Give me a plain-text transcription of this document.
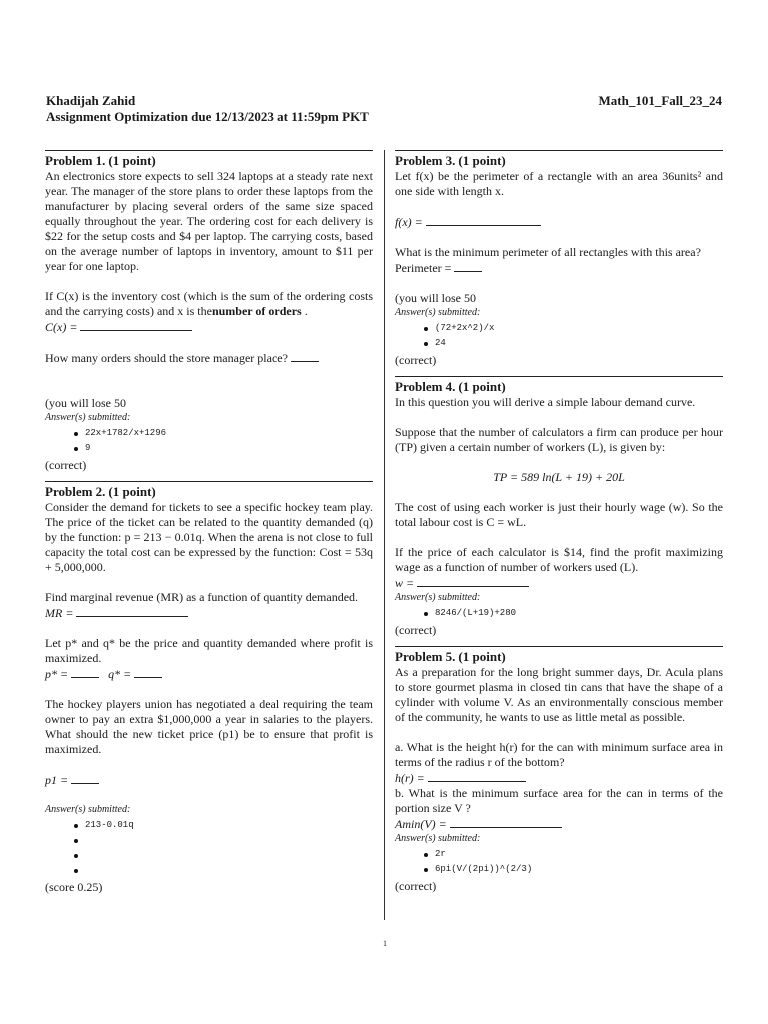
Khadijah Zahid
Assignment Optimization due 12/13/2023 at 11:59pm PKT
Math_101_Fall_23_24
Problem 1. (1 point)

An electronics store expects to sell 324 laptops at a steady rate next year. The manager of the store plans to order these laptops from the manufacturer by placing several orders of the same size spaced equally throughout the year. The ordering cost for each delivery is $22 for the setup costs and $4 per laptop. The carrying costs, based on the average number of laptops in inventory, amount to $11 per year for one laptop.

If C(x) is the inventory cost (which is the sum of the ordering costs and the carrying costs) and x is thenumber of orders .

C(x) =
How many orders should the store manager place?
(you will lose 50
Answer(s) submitted:
22x+1782/x+1296
9
(correct)
Problem 2. (1 point)

Consider the demand for tickets to see a specific hockey team play. The price of the ticket can be related to the quantity demanded (q) by the function: p = 213 − 0.01q. When the arena is not close to full capacity the total cost can be expressed by the function: Cost = 53q + 5,000,000.

Find marginal revenue (MR) as a function of quantity demanded.

MR =

Let p* and q* be the price and quantity demanded where profit is maximized.

p* =	q* =

The hockey players union has negotiated a deal requiring the team owner to pay an extra $1,000,000 a year in salaries to the players. What should the new ticket price (p1) be to ensure that profit is maximized.

p1 =
Answer(s) submitted:
213-0.01q
(score 0.25)
Problem 3. (1 point)

Let f(x) be the perimeter of a rectangle with an area 36units² and one side with length x.

f(x) =

What is the minimum perimeter of all rectangles with this area?

Perimeter =
(you will lose 50
Answer(s) submitted:
(72+2x^2)/x
24
(correct)
Problem 4. (1 point)

In this question you will derive a simple labour demand curve.

Suppose that the number of calculators a firm can produce per hour (TP) given a certain number of workers (L), is given by:

TP = 589 ln(L + 19) + 20L

The cost of using each worker is just their hourly wage (w). So the total labour cost is C = wL.

If the price of each calculator is $14, find the profit maximizing wage as a function of number of workers used (L).

w =
Answer(s) submitted:
8246/(L+19)+280
(correct)
Problem 5. (1 point)

As a preparation for the long bright summer days, Dr. Acula plans to store gourmet plasma in closed tin cans that have the shape of a cylinder with volume V. As an environmentally conscious member of the community, he wants to use as little metal as possible.

a. What is the height h(r) for the can with minimum surface area in terms of the radius r of the bottom?

h(r) =

b. What is the minimum surface area for the can in terms of the portion size V ?

Amin(V) =
Answer(s) submitted:
2r
6pi(V/(2pi))^(2/3)
(correct)
1
